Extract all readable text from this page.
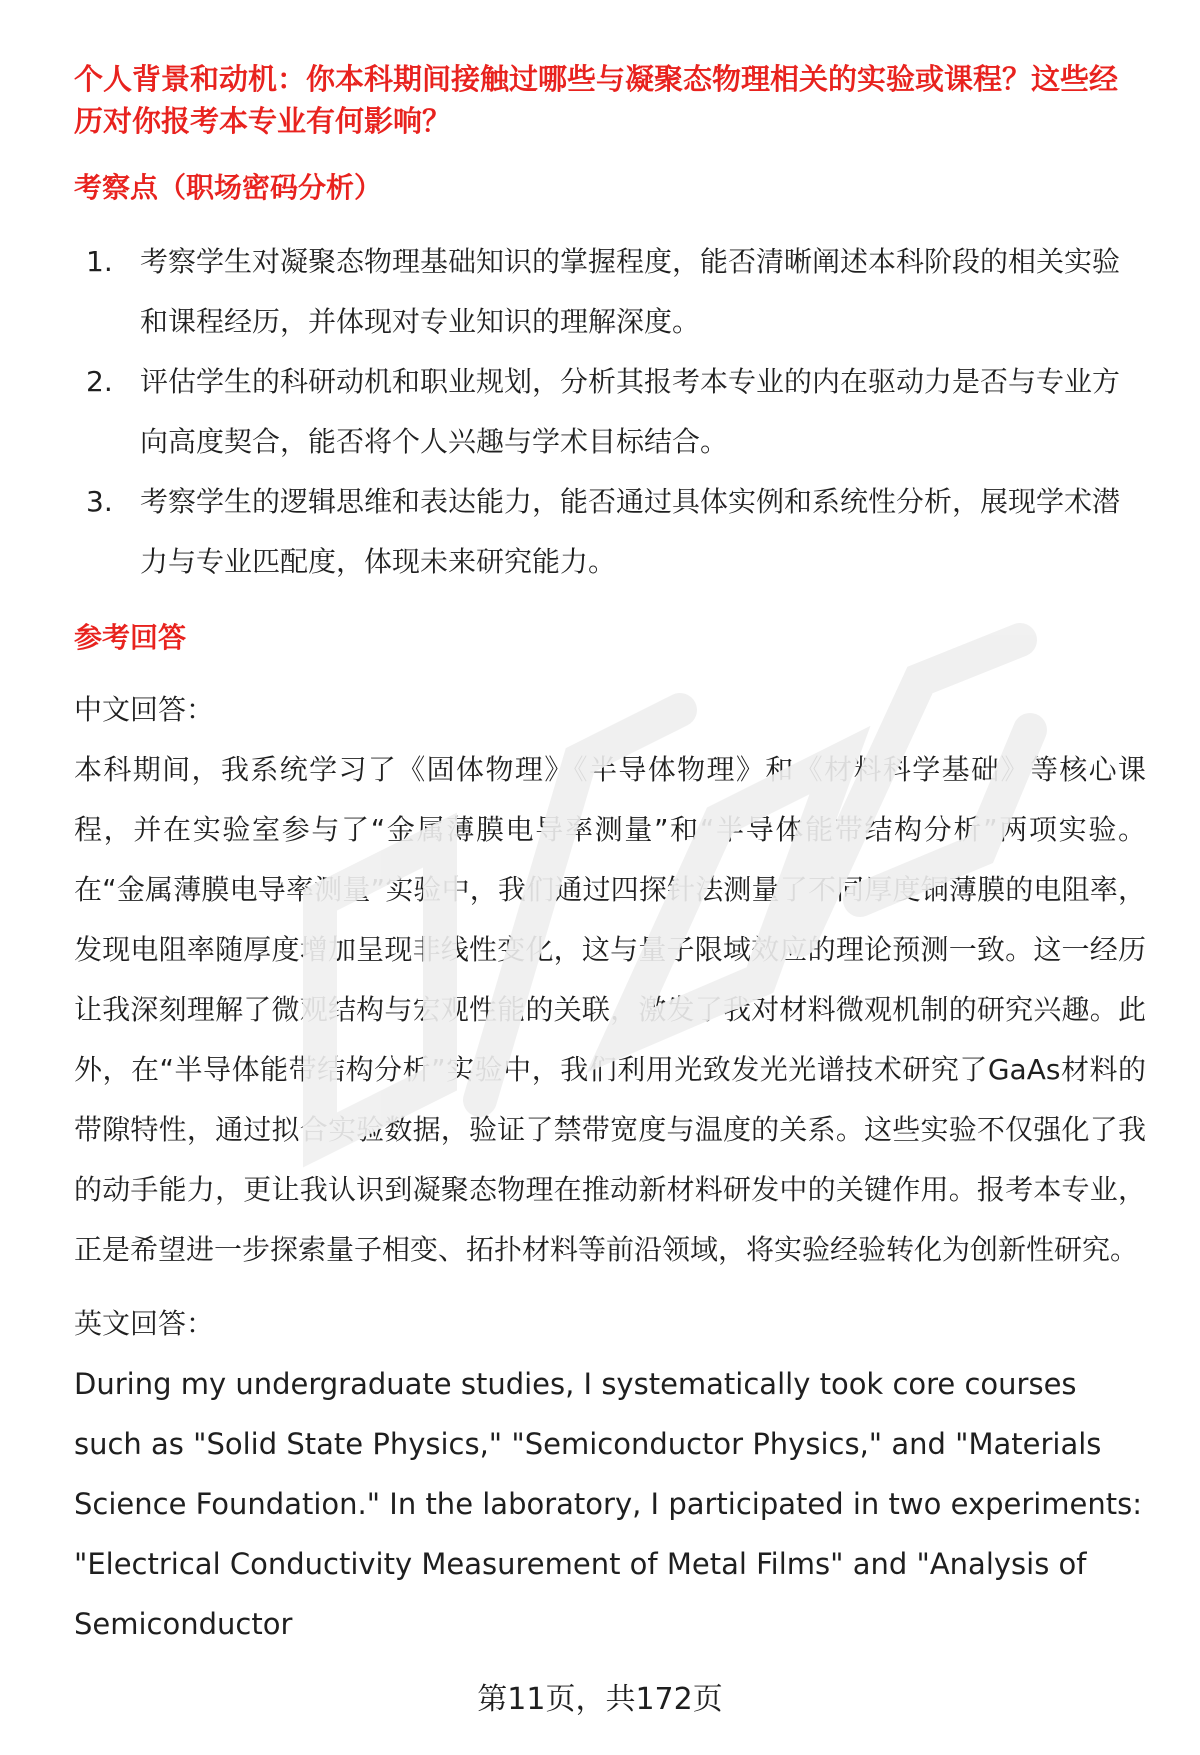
个人背景和动机：你本科期间接触过哪些与凝聚态物理相关的实验或课程？这些经历对你报考本专业有何影响？

考察点（职场密码分析）
1. 考察学生对凝聚态物理基础知识的掌握程度，能否清晰阐述本科阶段的相关实验和课程经历，并体现对专业知识的理解深度。
2. 评估学生的科研动机和职业规划，分析其报考本专业的内在驱动力是否与专业方向高度契合，能否将个人兴趣与学术目标结合。
3. 考察学生的逻辑思维和表达能力，能否通过具体实例和系统性分析，展现学术潜力与专业匹配度，体现未来研究能力。
参考回答

中文回答：

本科期间，我系统学习了《固体物理》《半导体物理》和《材料科学基础》等核心课程，并在实验室参与了“金属薄膜电导率测量”和“半导体能带结构分析”两项实验。在“金属薄膜电导率测量”实验中，我们通过四探针法测量了不同厚度铜薄膜的电阻率，发现电阻率随厚度增加呈现非线性变化，这与量子限域效应的理论预测一致。这一经历让我深刻理解了微观结构与宏观性能的关联，激发了我对材料微观机制的研究兴趣。此外，在“半导体能带结构分析”实验中，我们利用光致发光光谱技术研究了GaAs材料的带隙特性，通过拟合实验数据，验证了禁带宽度与温度的关系。这些实验不仅强化了我的动手能力，更让我认识到凝聚态物理在推动新材料研发中的关键作用。报考本专业，正是希望进一步探索量子相变、拓扑材料等前沿领域，将实验经验转化为创新性研究。

英文回答：

During my undergraduate studies, I systematically took core courses such as "Solid State Physics," "Semiconductor Physics," and "Materials Science Foundation." In the laboratory, I participated in two experiments: "Electrical Conductivity Measurement of Metal Films" and "Analysis of Semiconductor

第11页，共172页
